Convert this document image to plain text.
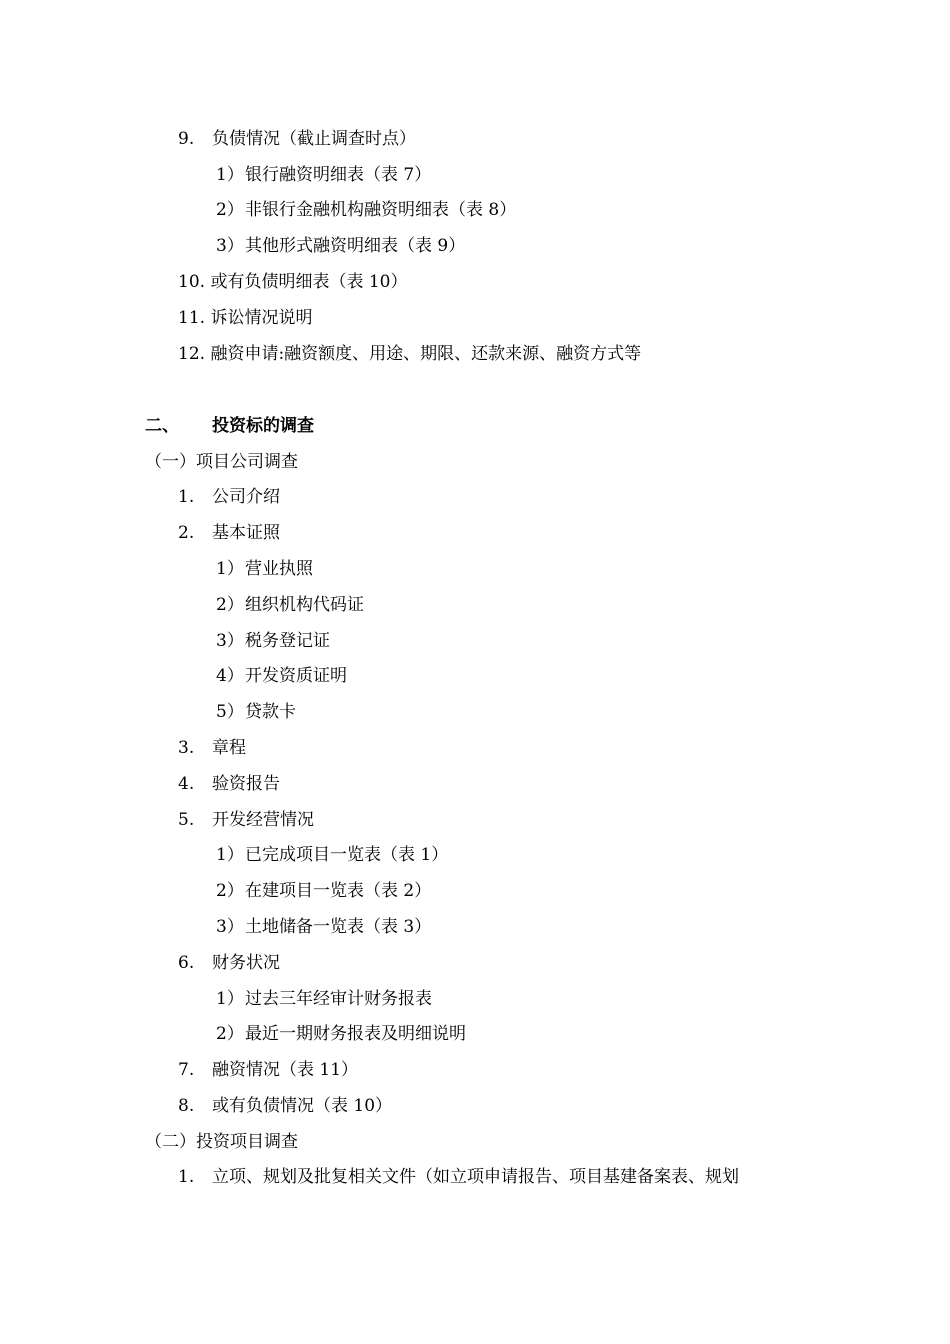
9. 负债情况（截止调查时点）
1）银行融资明细表（表 7）
2）非银行金融机构融资明细表（表 8）
3）其他形式融资明细表（表 9）
10. 或有负债明细表（表 10）
11. 诉讼情况说明
12. 融资申请:融资额度、用途、期限、还款来源、融资方式等
二、 投资标的调查
（一）项目公司调查
1. 公司介绍
2. 基本证照
1）营业执照
2）组织机构代码证
3）税务登记证
4）开发资质证明
5）贷款卡
3. 章程
4. 验资报告
5. 开发经营情况
1）已完成项目一览表（表 1）
2）在建项目一览表（表 2）
3）土地储备一览表（表 3）
6. 财务状况
1）过去三年经审计财务报表
2）最近一期财务报表及明细说明
7. 融资情况（表 11）
8. 或有负债情况（表 10）
（二）投资项目调查
1. 立项、规划及批复相关文件（如立项申请报告、项目基建备案表、规划
